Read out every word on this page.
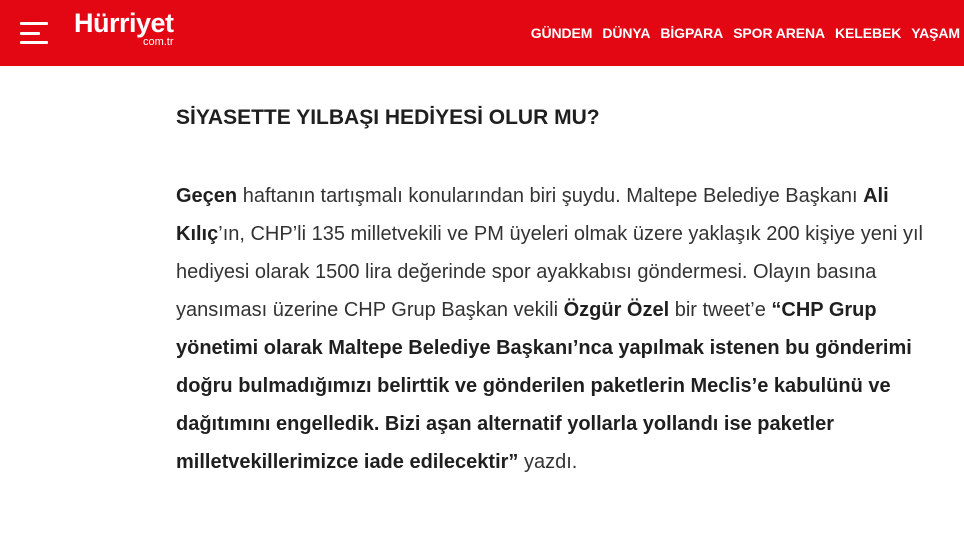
Hürriyet
com.tr
GÜNDEM DÜNYA BİGPARA SPOR ARENA KELEBEK YAŞAM
SİYASETTE YILBAŞI HEDİYESİ OLUR MU?

Geçen haftanın tartışmalı konularından biri şuydu. Maltepe Belediye Başkanı Ali Kılıç’ın, CHP’li 135 milletvekili ve PM üyeleri olmak üzere yaklaşık 200 kişiye yeni yıl hediyesi olarak 1500 lira değerinde spor ayakkabısı göndermesi. Olayın basına yansıması üzerine CHP Grup Başkan vekili Özgür Özel bir tweet’e “CHP Grup yönetimi olarak Maltepe Belediye Başkanı’nca yapılmak istenen bu gönderimi doğru bulmadığımızı belirttik ve gönderilen paketlerin Meclis’e kabulünü ve dağıtımını engelledik. Bizi aşan alternatif yollarla yollandı ise paketler milletvekillerimizce iade edilecektir” yazdı.
